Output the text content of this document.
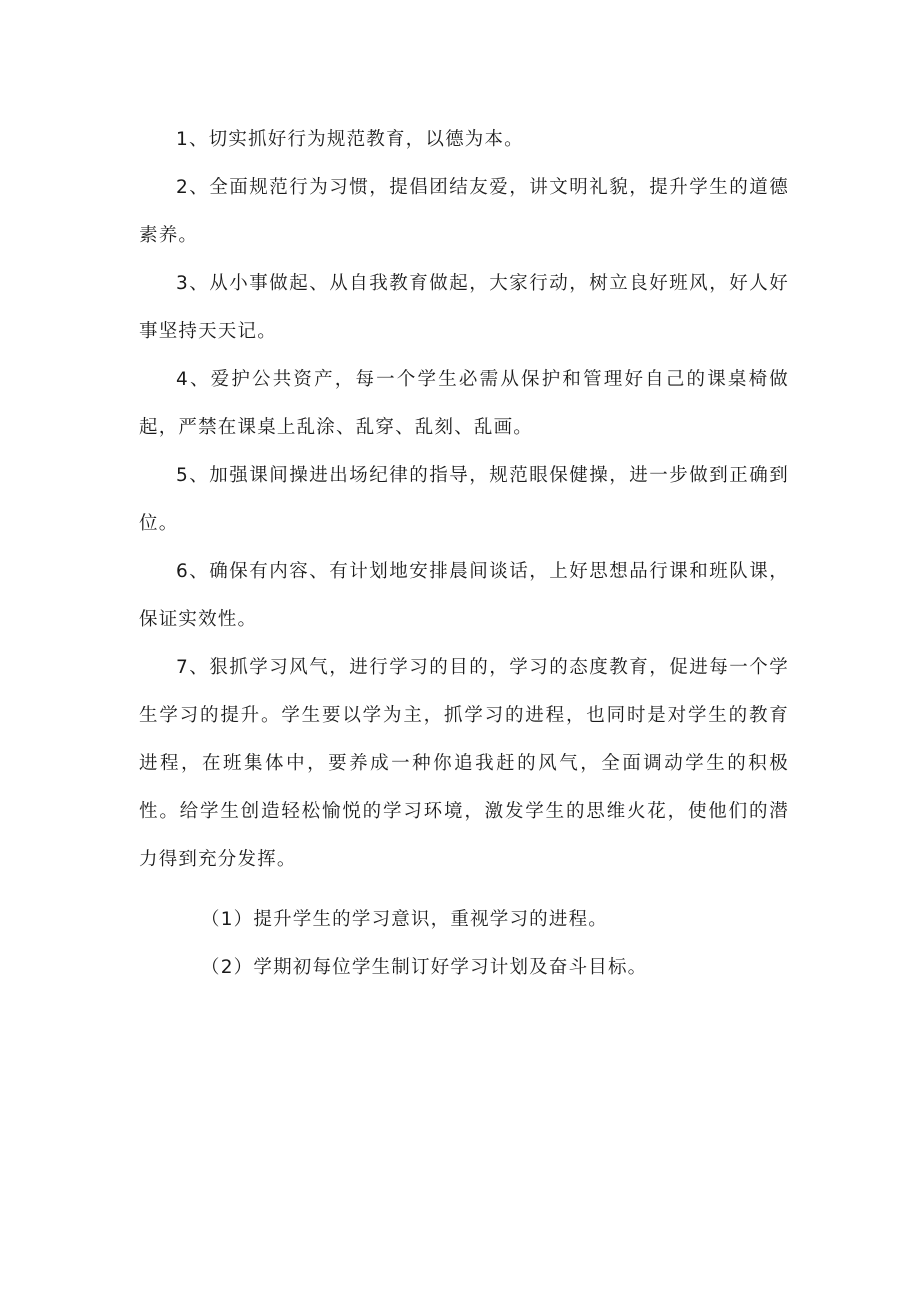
1、切实抓好行为规范教育，以德为本。

2、全面规范行为习惯，提倡团结友爱，讲文明礼貌，提升学生的道德素养。

3、从小事做起、从自我教育做起，大家行动，树立良好班风，好人好事坚持天天记。

4、爱护公共资产，每一个学生必需从保护和管理好自己的课桌椅做起，严禁在课桌上乱涂、乱穿、乱刻、乱画。

5、加强课间操进出场纪律的指导，规范眼保健操，进一步做到正确到位。

6、确保有内容、有计划地安排晨间谈话，上好思想品行课和班队课，保证实效性。

7、狠抓学习风气，进行学习的目的，学习的态度教育，促进每一个学生学习的提升。学生要以学为主，抓学习的进程，也同时是对学生的教育进程，在班集体中，要养成一种你追我赶的风气，全面调动学生的积极性。给学生创造轻松愉悦的学习环境，激发学生的思维火花，使他们的潜力得到充分发挥。

（1）提升学生的学习意识，重视学习的进程。

（2）学期初每位学生制订好学习计划及奋斗目标。
